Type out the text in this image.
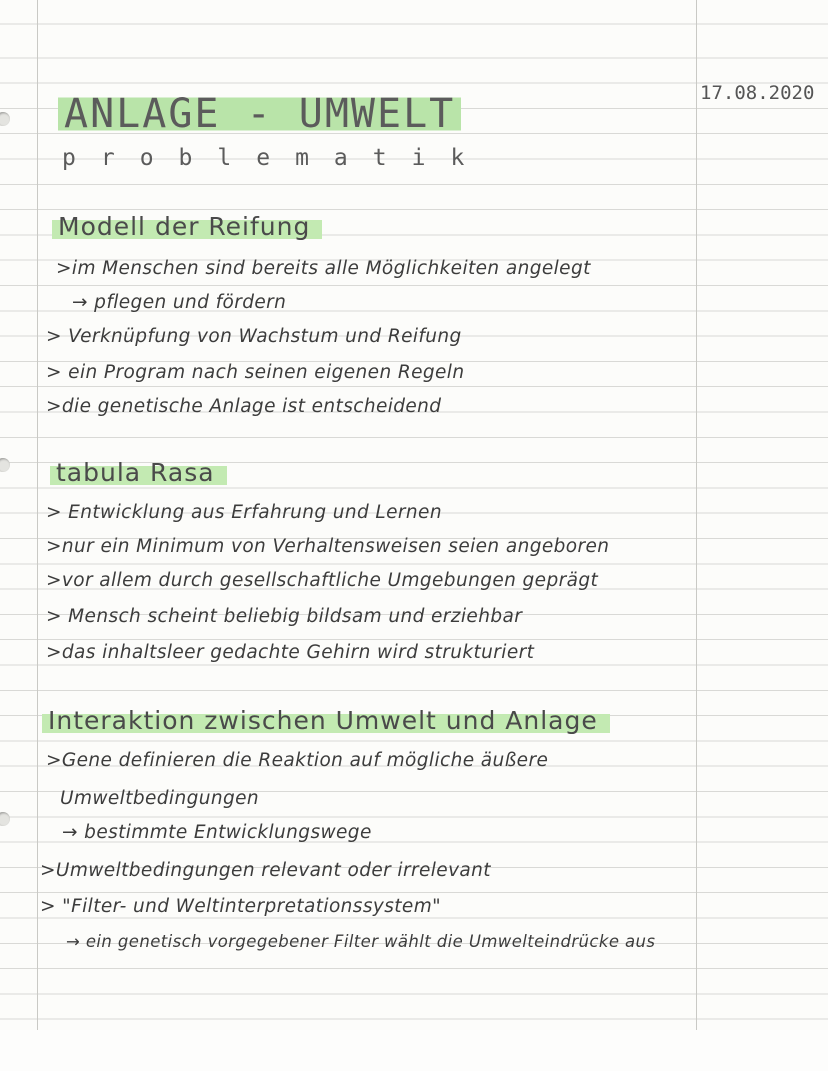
17.08.2020
ANLAGE - UMWELT
problematik
Modell der Reifung
>im Menschen sind bereits alle Möglichkeiten angelegt
→ pflegen und fördern
> Verknüpfung von Wachstum und Reifung
> ein Program nach seinen eigenen Regeln
>die genetische Anlage ist entscheidend
tabula Rasa
> Entwicklung aus Erfahrung und Lernen
>nur ein Minimum von Verhaltensweisen seien angeboren
>vor allem durch gesellschaftliche Umgebungen geprägt
> Mensch scheint beliebig bildsam und erziehbar
>das inhaltsleer gedachte Gehirn wird strukturiert
Interaktion zwischen Umwelt und Anlage
>Gene definieren die Reaktion auf mögliche äußere
Umweltbedingungen
→ bestimmte Entwicklungswege
>Umweltbedingungen relevant oder irrelevant
> "Filter- und Weltinterpretationssystem"
→ ein genetisch vorgegebener Filter wählt die Umwelteindrücke aus
